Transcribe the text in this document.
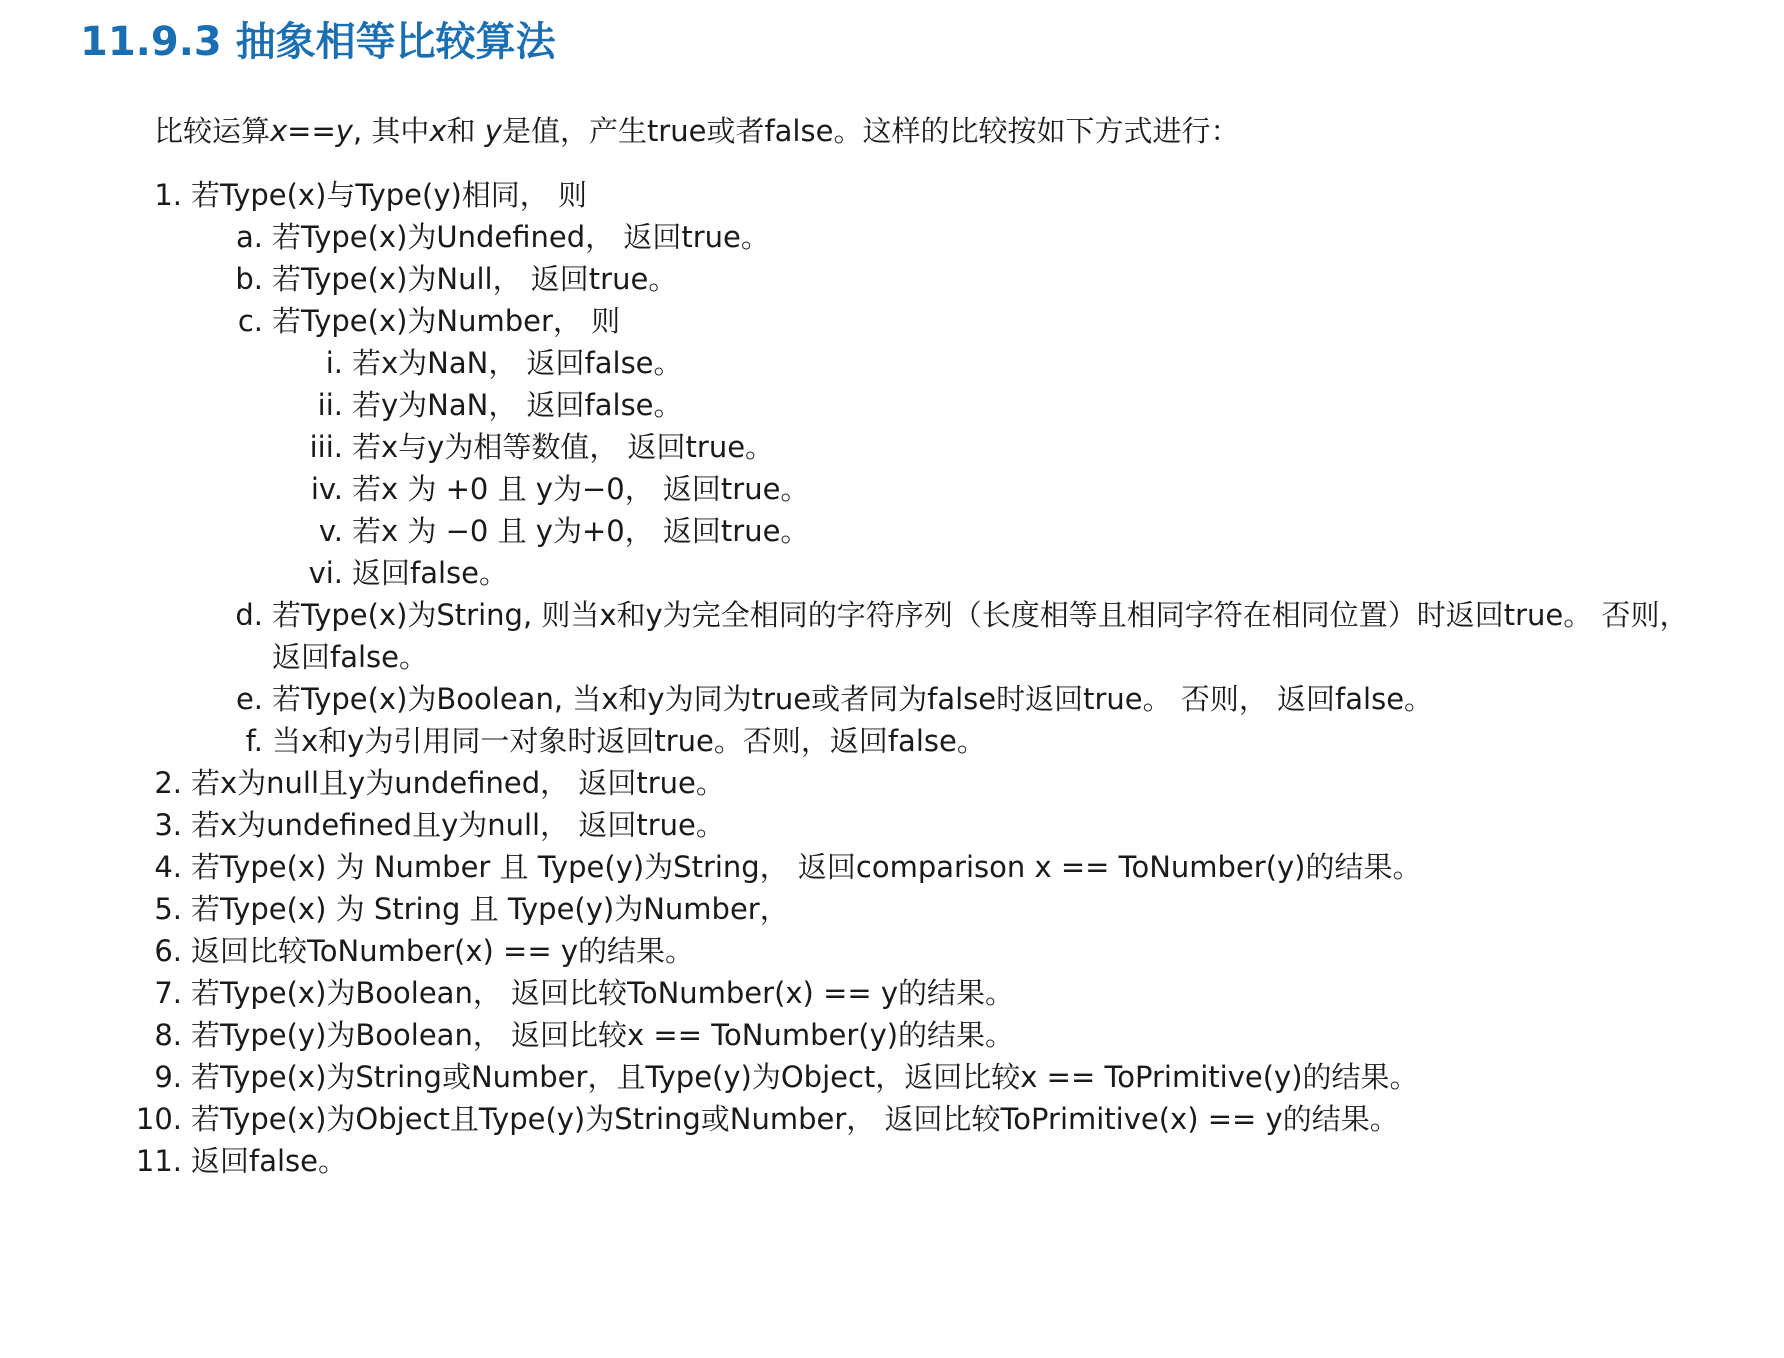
11.9.3 抽象相等比较算法

比较运算x==y, 其中x和 y是值，产生true或者false。这样的比较按如下方式进行：

1. 若Type(x)与Type(y)相同， 则
a. 若Type(x)为Undefined， 返回true。
b. 若Type(x)为Null， 返回true。
c. 若Type(x)为Number， 则
i. 若x为NaN， 返回false。
ii. 若y为NaN， 返回false。
iii. 若x与y为相等数值， 返回true。
iv. 若x 为 +0 且 y为−0， 返回true。
v. 若x 为 −0 且 y为+0， 返回true。
vi. 返回false。
d. 若Type(x)为String, 则当x和y为完全相同的字符序列（长度相等且相同字符在相同位置）时返回true。 否则，
返回false。
e. 若Type(x)为Boolean, 当x和y为同为true或者同为false时返回true。 否则， 返回false。
f. 当x和y为引用同一对象时返回true。否则，返回false。
2. 若x为null且y为undefined， 返回true。
3. 若x为undefined且y为null， 返回true。
4. 若Type(x) 为 Number 且 Type(y)为String， 返回comparison x == ToNumber(y)的结果。
5. 若Type(x) 为 String 且 Type(y)为Number，
6. 返回比较ToNumber(x) == y的结果。
7. 若Type(x)为Boolean， 返回比较ToNumber(x) == y的结果。
8. 若Type(y)为Boolean， 返回比较x == ToNumber(y)的结果。
9. 若Type(x)为String或Number，且Type(y)为Object，返回比较x == ToPrimitive(y)的结果。
10. 若Type(x)为Object且Type(y)为String或Number， 返回比较ToPrimitive(x) == y的结果。
11. 返回false。
